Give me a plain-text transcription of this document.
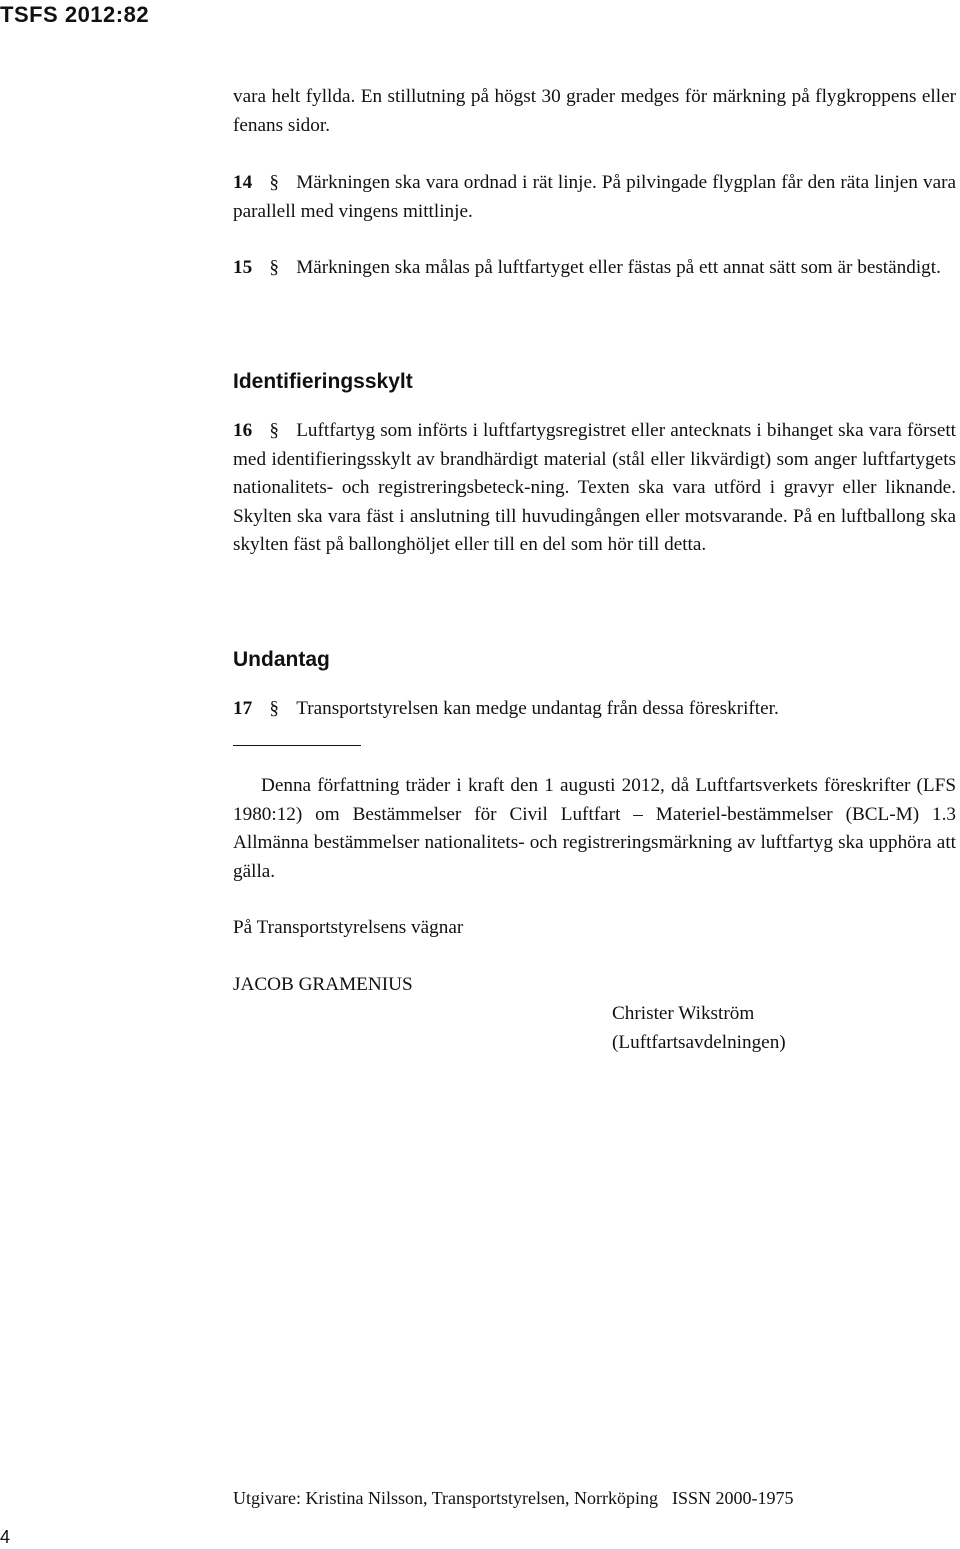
TSFS 2012:82

vara helt fyllda. En stillutning på högst 30 grader medges för märkning på flygkroppens eller fenans sidor.

14 § Märkningen ska vara ordnad i rät linje. På pilvingade flygplan får den räta linjen vara parallell med vingens mittlinje.

15 § Märkningen ska målas på luftfartyget eller fästas på ett annat sätt som är beständigt.

Identifieringsskylt

16 § Luftfartyg som införts i luftfartygsregistret eller antecknats i bihanget ska vara försett med identifieringsskylt av brandhärdigt material (stål eller likvärdigt) som anger luftfartygets nationalitets- och registreringsbeteck-ning. Texten ska vara utförd i gravyr eller liknande. Skylten ska vara fäst i anslutning till huvudingången eller motsvarande. På en luftballong ska skylten fäst på ballonghöljet eller till en del som hör till detta.

Undantag

17 § Transportstyrelsen kan medge undantag från dessa föreskrifter.

Denna författning träder i kraft den 1 augusti 2012, då Luftfartsverkets föreskrifter (LFS 1980:12) om Bestämmelser för Civil Luftfart – Materiel-bestämmelser (BCL-M) 1.3 Allmänna bestämmelser nationalitets- och registreringsmärkning av luftfartyg ska upphöra att gälla.

På Transportstyrelsens vägnar
JACOB GRAMENIUS
Christer Wikström
(Luftfartsavdelningen)
Utgivare: Kristina Nilsson, Transportstyrelsen, Norrköping ISSN 2000-1975
4
